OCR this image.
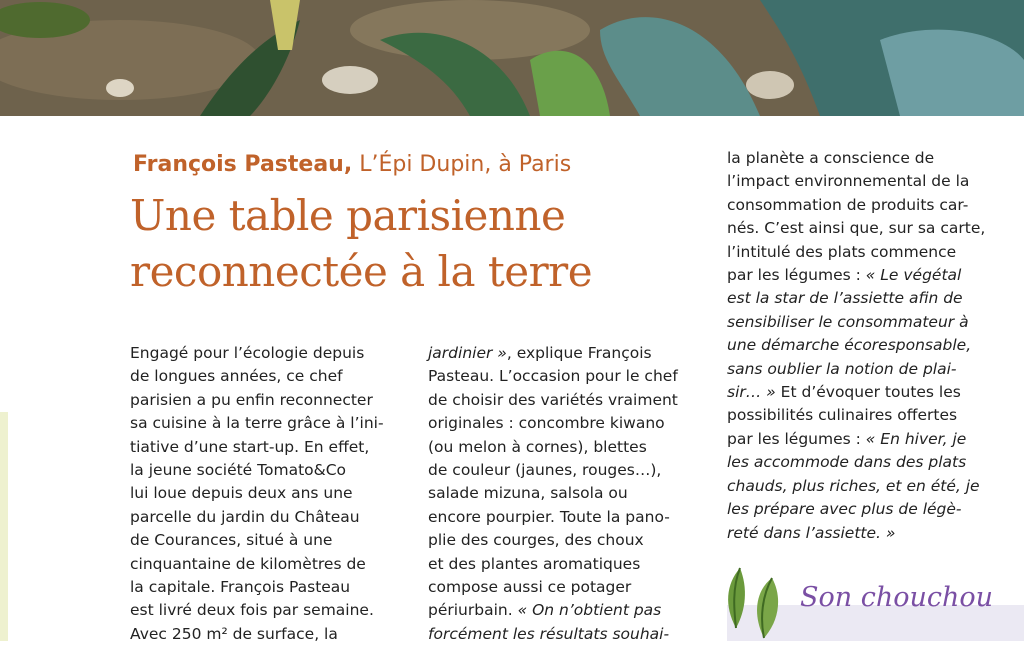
François Pasteau, L’Épi Dupin, à Paris

Une table parisienne
reconnectée à la terre
Engagé pour l’écologie depuis
de longues années, ce chef
parisien a pu enfin reconnecter
sa cuisine à la terre grâce à l’ini-
tiative d’une start-up. En effet,
la jeune société Tomato&Co
lui loue depuis deux ans une
parcelle du jardin du Château
de Courances, situé à une
cinquantaine de kilomètres de
la capitale. François Pasteau
est livré deux fois par semaine.
Avec 250 m² de surface, la
jardinier », explique François
Pasteau. L’occasion pour le chef
de choisir des variétés vraiment
originales : concombre kiwano
(ou melon à cornes), blettes
de couleur (jaunes, rouges…),
salade mizuna, salsola ou
encore pourpier. Toute la pano-
plie des courges, des choux
et des plantes aromatiques
compose aussi ce potager
périurbain. « On n’obtient pas
forcément les résultats souhai-
la planète a conscience de
l’impact environnemental de la
consommation de produits car-
nés. C’est ainsi que, sur sa carte,
l’intitulé des plats commence
par les légumes : « Le végétal
est la star de l’assiette afin de
sensibiliser le consommateur à
une démarche écoresponsable,
sans oublier la notion de plai-
sir… » Et d’évoquer toutes les
possibilités culinaires offertes
par les légumes : « En hiver, je
les accommode dans des plats
chauds, plus riches, et en été, je
les prépare avec plus de légè-
reté dans l’assiette. »

Son chouchou
